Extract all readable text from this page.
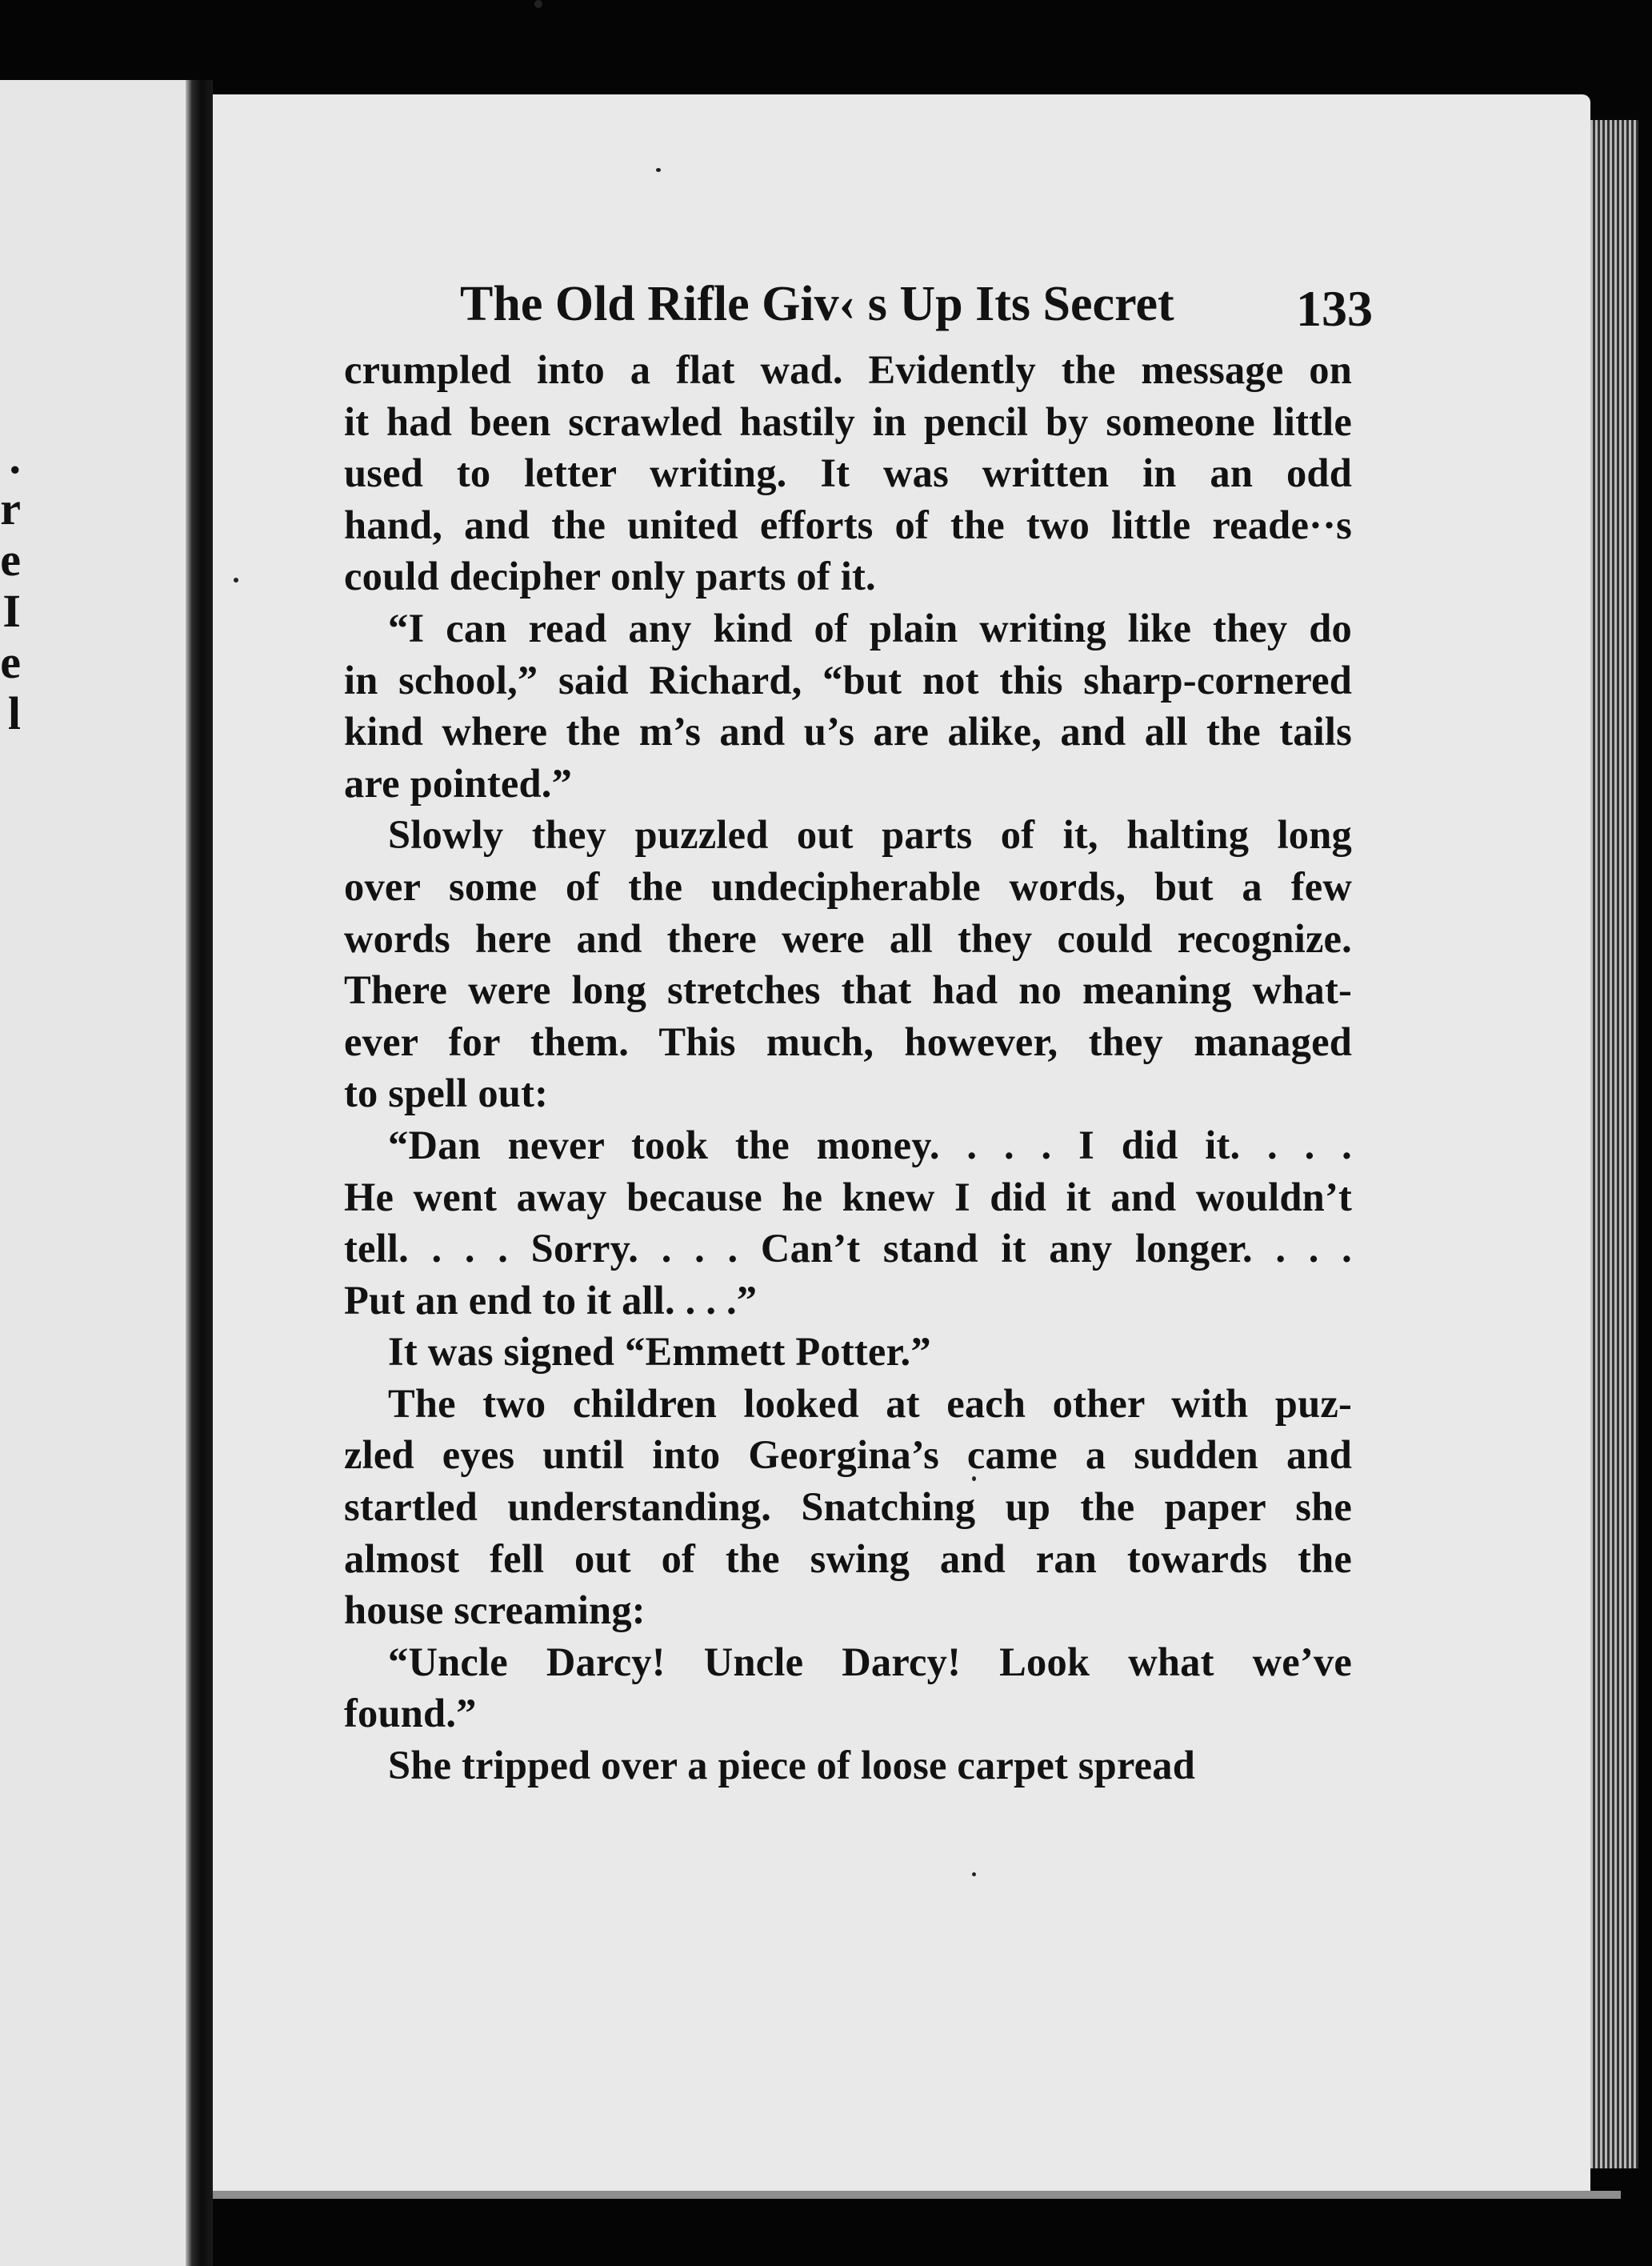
.
r
e
I
e
l
The Old Rifle Giv‹ s Up Its Secret 133

crumpled into a flat wad. Evidently the message on
it had been scrawled hastily in pencil by someone little
used to letter writing. It was written in an odd
hand, and the united efforts of the two little reade··s
could decipher only parts of it.

“I can read any kind of plain writing like they do
in school,” said Richard, “but not this sharp-cornered
kind where the m’s and u’s are alike, and all the tails
are pointed.”

Slowly they puzzled out parts of it, halting long
over some of the undecipherable words, but a few
words here and there were all they could recognize.
There were long stretches that had no meaning what-
ever for them. This much, however, they managed
to spell out:

“Dan never took the money. . . . I did it. . . .
He went away because he knew I did it and wouldn’t
tell. . . . Sorry. . . . Can’t stand it any longer. . . .
Put an end to it all. . . .”

It was signed “Emmett Potter.”

The two children looked at each other with puz-
zled eyes until into Georgina’s came a sudden and
startled understanding. Snatching up the paper she
almost fell out of the swing and ran towards the
house screaming:

“Uncle Darcy! Uncle Darcy! Look what we’ve
found.”

She tripped over a piece of loose carpet spread
